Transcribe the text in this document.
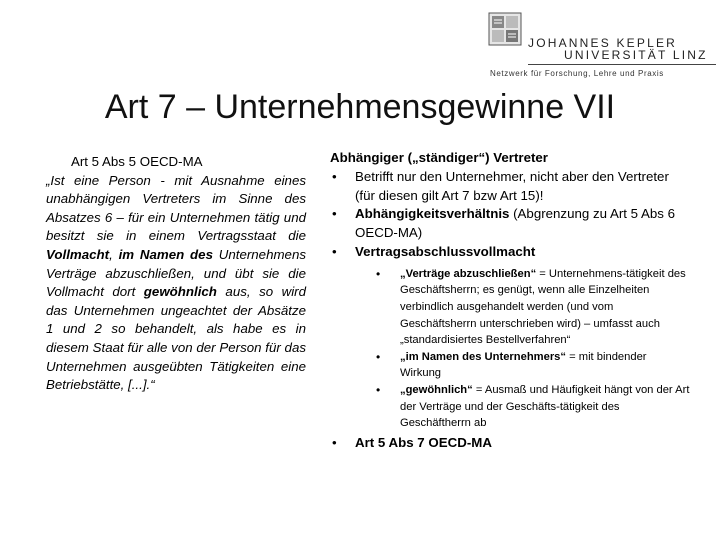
JOHANNES KEPLER
UNIVERSITÄT LINZ
Netzwerk für Forschung, Lehre und Praxis
Art 7 – Unternehmensgewinne VII
Art 5 Abs 5 OECD-MA
„Ist eine Person - mit Ausnahme eines unabhängigen Vertreters im Sinne des Absatzes 6 – für ein Unternehmen tätig und besitzt sie in einem Vertragsstaat die Vollmacht, im Namen des Unternehmens Verträge abzuschließen, und übt sie die Vollmacht dort gewöhnlich aus, so wird das Unternehmen ungeachtet der Absätze 1 und 2 so behandelt, als habe es in diesem Staat für alle von der Person für das Unternehmen ausgeübten Tätigkeiten eine Betriebstätte, [...].“
Abhängiger („ständiger“) Vertreter
• Betrifft nur den Unternehmer, nicht aber den Vertreter (für diesen gilt Art 7 bzw Art 15)!
• Abhängigkeitsverhältnis (Abgrenzung zu Art 5 Abs 6 OECD-MA)
• Vertragsabschlussvollmacht
• „Verträge abzuschließen“ = Unternehmens-tätigkeit des Geschäftsherrn; es genügt, wenn alle Einzelheiten verbindlich ausgehandelt werden (und vom Geschäftsherrn unterschrieben wird) – umfasst auch „standardisiertes Bestellverfahren“
• „im Namen des Unternehmers“ = mit bindender Wirkung
• „gewöhnlich“ = Ausmaß und Häufigkeit hängt von der Art der Verträge und der Geschäfts-tätigkeit des Geschäftherrn ab
• Art 5 Abs 7 OECD-MA
